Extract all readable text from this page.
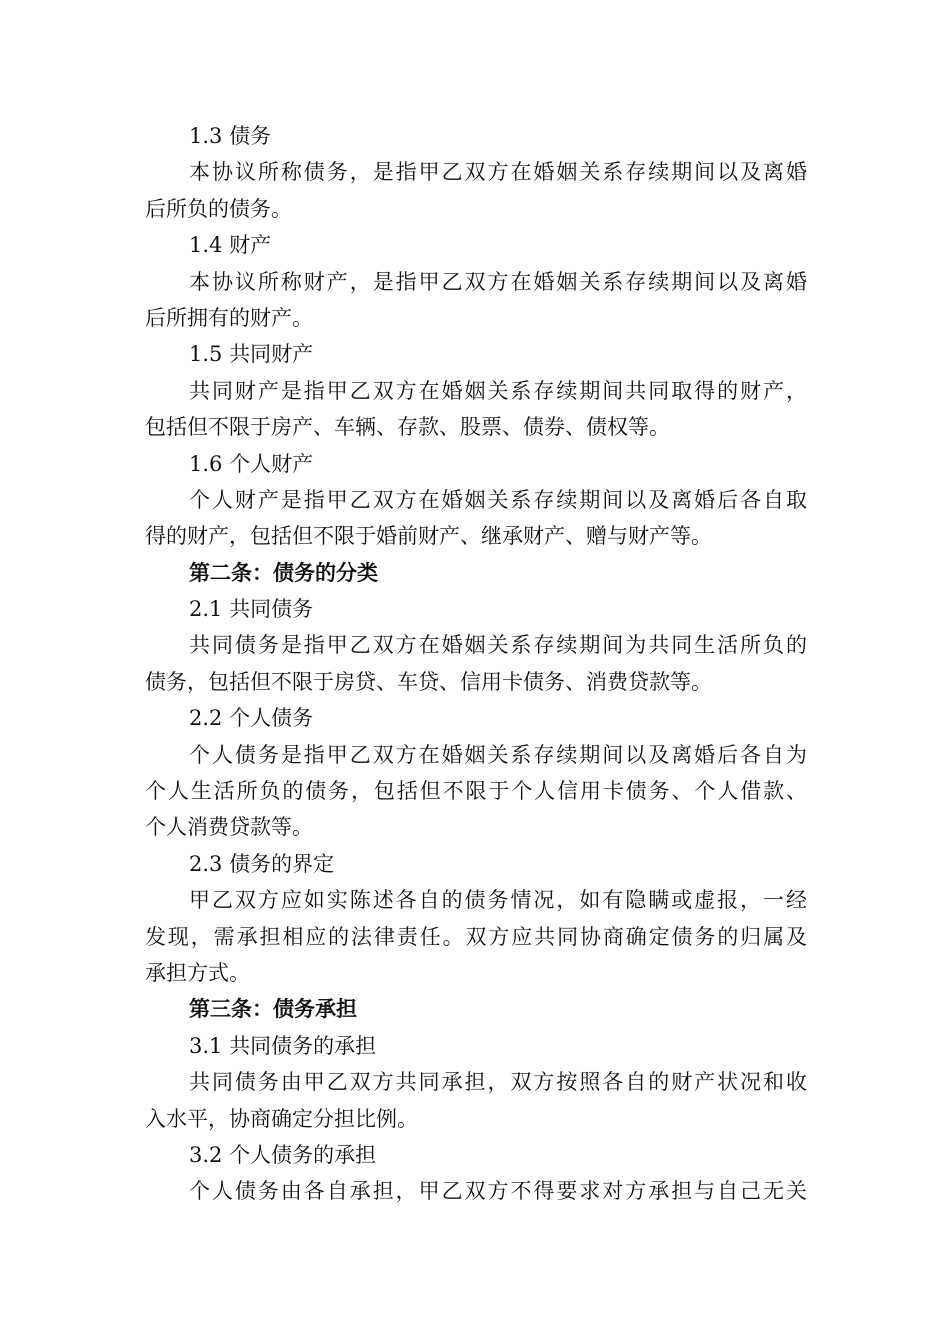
1.3 债务
本协议所称债务，是指甲乙双方在婚姻关系存续期间以及离婚
后所负的债务。
1.4 财产
本协议所称财产，是指甲乙双方在婚姻关系存续期间以及离婚
后所拥有的财产。
1.5 共同财产
共同财产是指甲乙双方在婚姻关系存续期间共同取得的财产，
包括但不限于房产、车辆、存款、股票、债券、债权等。
1.6 个人财产
个人财产是指甲乙双方在婚姻关系存续期间以及离婚后各自取
得的财产，包括但不限于婚前财产、继承财产、赠与财产等。
第二条：债务的分类
2.1 共同债务
共同债务是指甲乙双方在婚姻关系存续期间为共同生活所负的
债务，包括但不限于房贷、车贷、信用卡债务、消费贷款等。
2.2 个人债务
个人债务是指甲乙双方在婚姻关系存续期间以及离婚后各自为
个人生活所负的债务，包括但不限于个人信用卡债务、个人借款、
个人消费贷款等。
2.3 债务的界定
甲乙双方应如实陈述各自的债务情况，如有隐瞒或虚报，一经
发现，需承担相应的法律责任。双方应共同协商确定债务的归属及
承担方式。
第三条：债务承担
3.1 共同债务的承担
共同债务由甲乙双方共同承担，双方按照各自的财产状况和收
入水平，协商确定分担比例。
3.2 个人债务的承担
个人债务由各自承担，甲乙双方不得要求对方承担与自己无关
